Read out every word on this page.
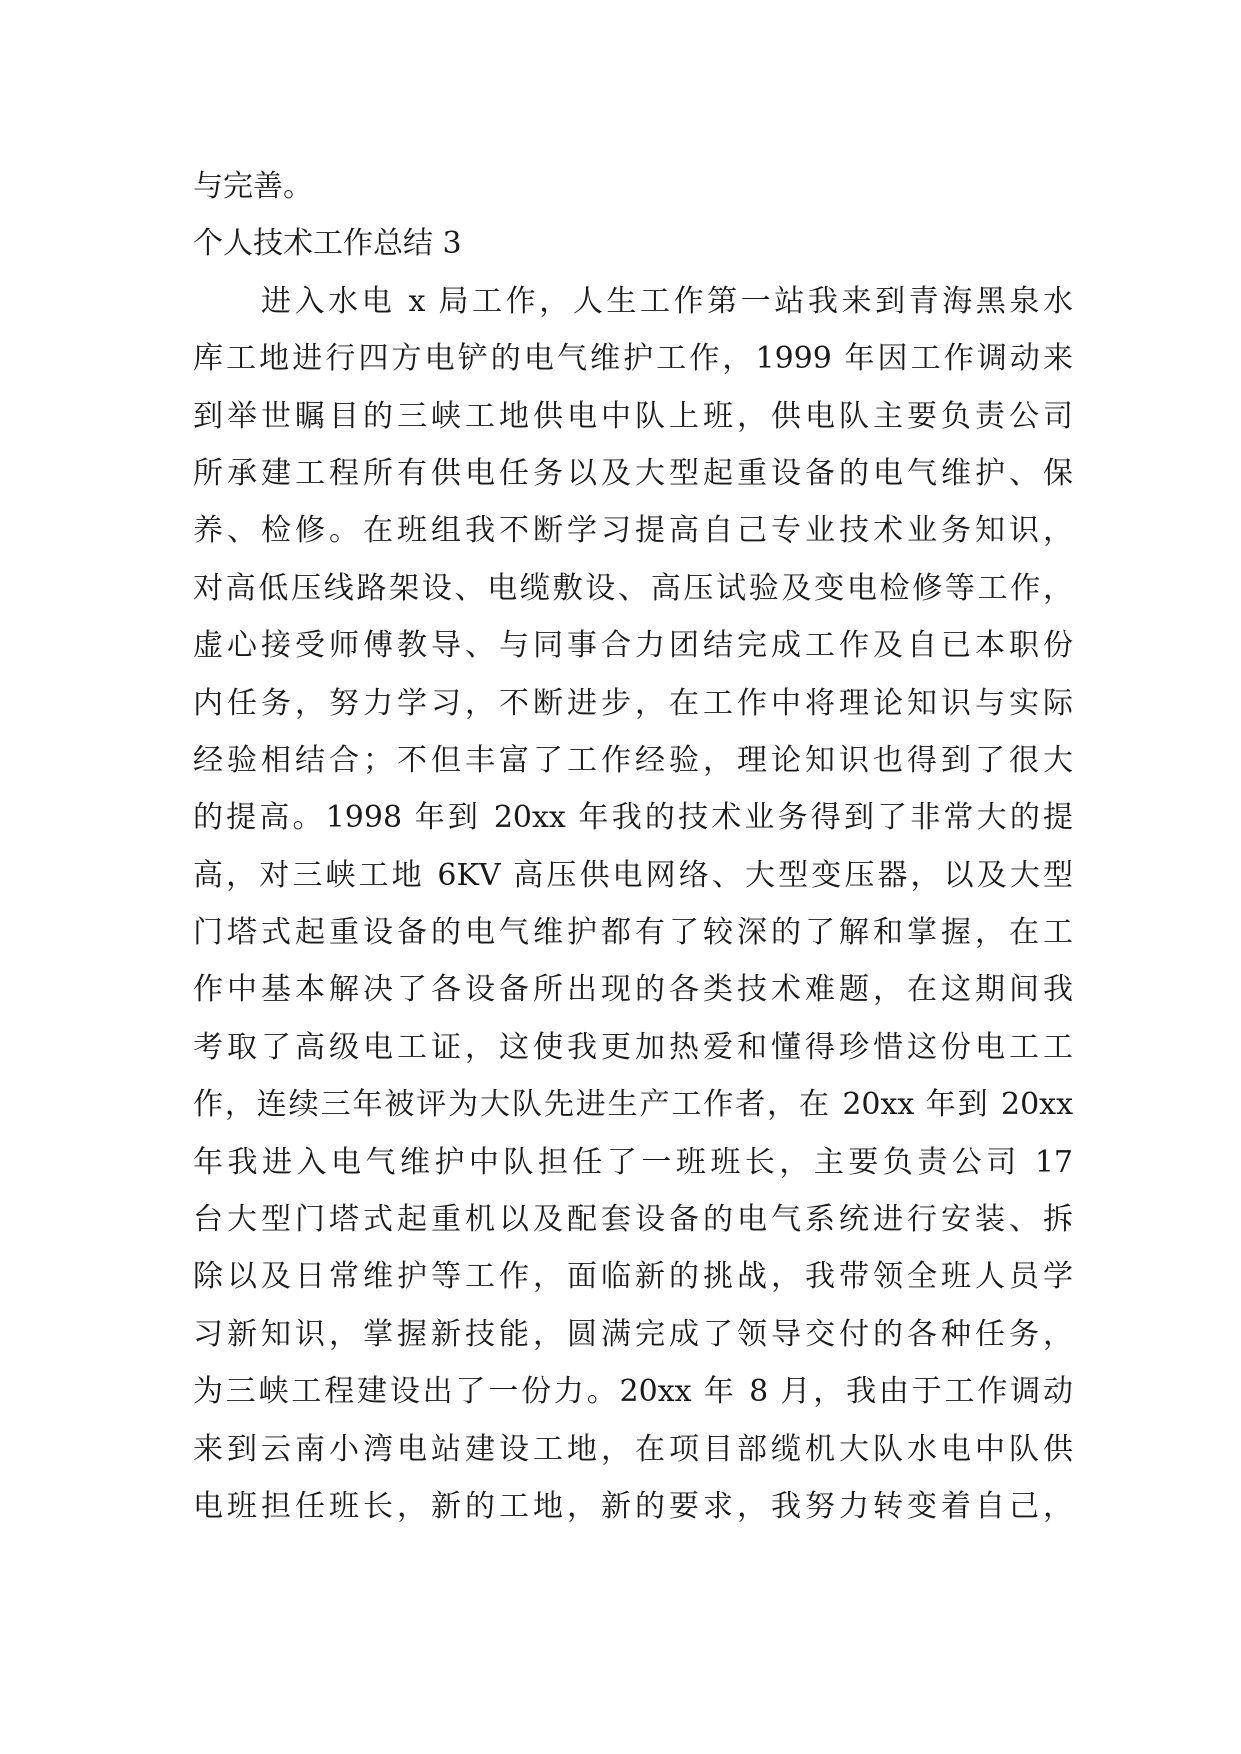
与完善。
个人技术工作总结 3
进入水电 x 局工作，人生工作第一站我来到青海黑泉水
库工地进行四方电铲的电气维护工作，1999 年因工作调动来
到举世瞩目的三峡工地供电中队上班，供电队主要负责公司
所承建工程所有供电任务以及大型起重设备的电气维护、保
养、检修。在班组我不断学习提高自己专业技术业务知识，
对高低压线路架设、电缆敷设、高压试验及变电检修等工作，
虚心接受师傅教导、与同事合力团结完成工作及自已本职份
内任务，努力学习，不断进步，在工作中将理论知识与实际
经验相结合；不但丰富了工作经验，理论知识也得到了很大
的提高。1998 年到 20xx 年我的技术业务得到了非常大的提
高，对三峡工地 6KV 高压供电网络、大型变压器，以及大型
门塔式起重设备的电气维护都有了较深的了解和掌握，在工
作中基本解决了各设备所出现的各类技术难题，在这期间我
考取了高级电工证，这使我更加热爱和懂得珍惜这份电工工
作，连续三年被评为大队先进生产工作者，在 20xx 年到 20xx
年我进入电气维护中队担任了一班班长，主要负责公司 17
台大型门塔式起重机以及配套设备的电气系统进行安装、拆
除以及日常维护等工作，面临新的挑战，我带领全班人员学
习新知识，掌握新技能，圆满完成了领导交付的各种任务，
为三峡工程建设出了一份力。20xx 年 8 月，我由于工作调动
来到云南小湾电站建设工地，在项目部缆机大队水电中队供
电班担任班长，新的工地，新的要求，我努力转变着自己，
